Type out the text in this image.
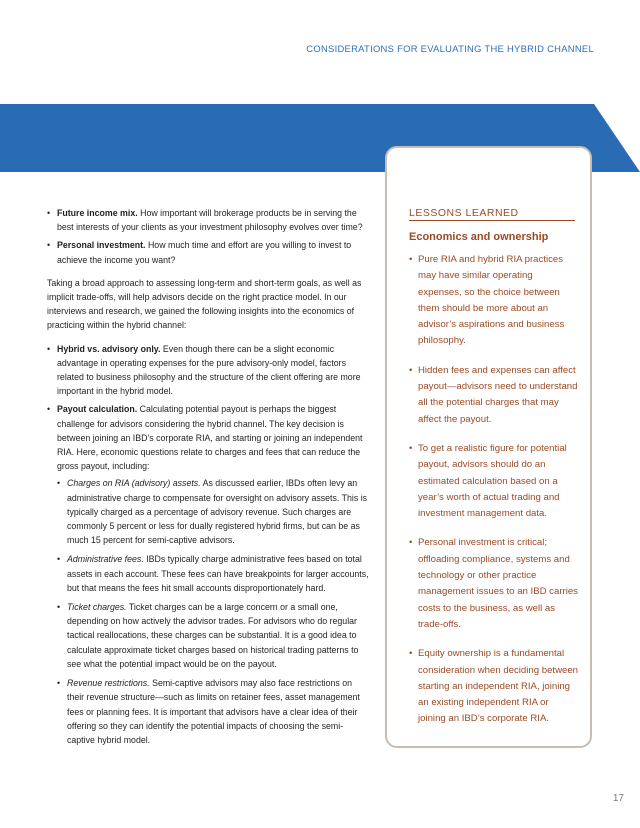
CONSIDERATIONS FOR EVALUATING THE HYBRID CHANNEL
LESSONS LEARNED
Economics and ownership
• Pure RIA and hybrid RIA practices may have similar operating expenses, so the choice between them should be more about an advisor’s aspirations and business philosophy.
• Hidden fees and expenses can affect payout—advisors need to understand all the potential charges that may affect the payout.
• To get a realistic figure for potential payout, advisors should do an estimated calculation based on a year’s worth of actual trading and investment management data.
• Personal investment is critical; offloading compliance, systems and technology or other practice management issues to an IBD carries costs to the business, as well as trade-offs.
• Equity ownership is a fundamental consideration when deciding between starting an independent RIA, joining an existing independent RIA or joining an IBD’s corporate RIA.
• Future income mix. How important will brokerage products be in serving the best interests of your clients as your investment philosophy evolves over time?
• Personal investment. How much time and effort are you willing to invest to achieve the income you want?

Taking a broad approach to assessing long-term and short-term goals, as well as implicit trade-offs, will help advisors decide on the right practice model. In our interviews and research, we gained the following insights into the economics of practicing within the hybrid channel:

• Hybrid vs. advisory only. Even though there can be a slight economic advantage in operating expenses for the pure advisory-only model, factors related to business philosophy and the structure of the client offering are more important in the hybrid model.
• Payout calculation. Calculating potential payout is perhaps the biggest challenge for advisors considering the hybrid channel. The key decision is between joining an IBD’s corporate RIA, and starting or joining an independent RIA. Here, economic questions relate to charges and fees that can reduce the gross payout, including:
• Charges on RIA (advisory) assets. As discussed earlier, IBDs often levy an administrative charge to compensate for oversight on advisory assets. This is typically charged as a percentage of advisory revenue. Such charges are commonly 5 percent or less for dually registered hybrid firms, but can be as much 15 percent for semi-captive advisors.
• Administrative fees. IBDs typically charge administrative fees based on total assets in each account. These fees can have breakpoints for larger accounts, but that means the fees hit small accounts disproportionately hard.
• Ticket charges. Ticket charges can be a large concern or a small one, depending on how actively the advisor trades. For advisors who do regular tactical reallocations, these charges can be substantial. It is a good idea to calculate approximate ticket charges based on historical trading patterns to see what the potential impact would be on the payout.
• Revenue restrictions. Semi-captive advisors may also face restrictions on their revenue structure—such as limits on retainer fees, asset management fees or planning fees. It is important that advisors have a clear idea of their offering so they can identify the potential impacts of choosing the semi-captive hybrid model.
17
